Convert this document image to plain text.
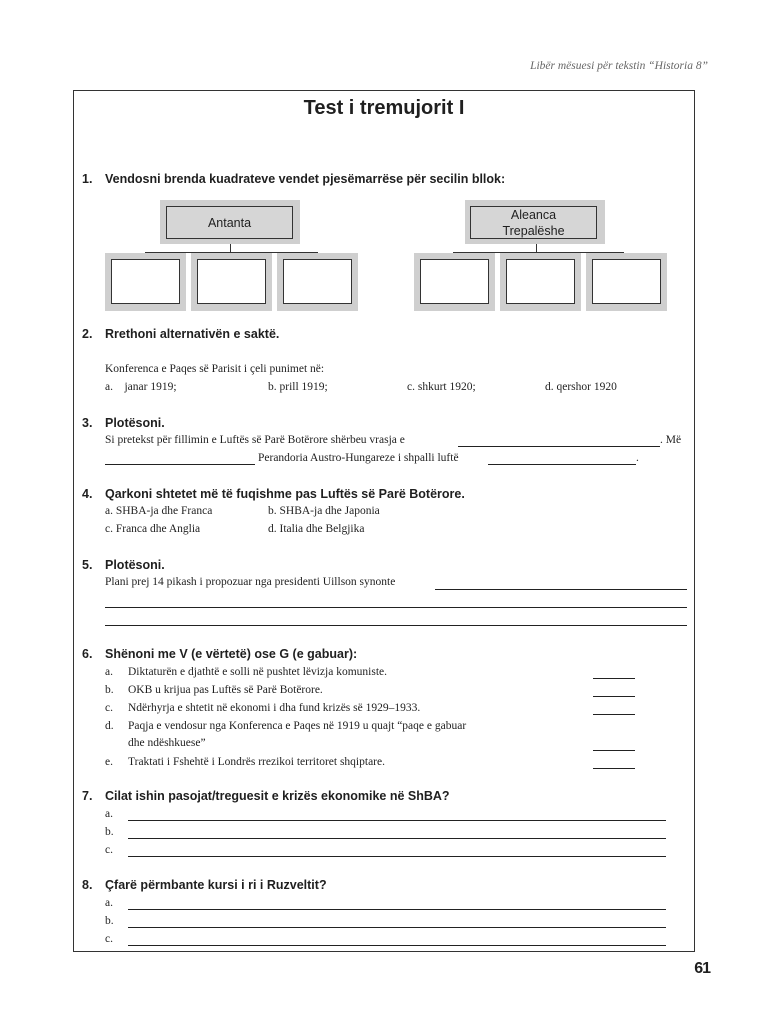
Libër mësuesi për tekstin “Historia 8”
Test i tremujorit I
1. Vendosni brenda kuadrateve vendet pjesëmarrëse për secilin bllok:
Antanta
Aleanca
Trepalëshe
2. Rrethoni alternativën e saktë.
Konferenca e Paqes së Parisit i çeli punimet në:
a.    janar 1919;	b. prill 1919;	c. shkurt 1920;	d. qershor 1920
3. Plotësoni.
Si pretekst për fillimin e Luftës së Parë Botërore shërbeu vrasja e	. Më
Perandoria Austro-Hungareze i shpalli luftë	.
4. Qarkoni shtetet më të fuqishme pas Luftës së Parë Botërore.
a. SHBA-ja dhe Franca	b. SHBA-ja dhe Japonia
c. Franca dhe Anglia	d. Italia dhe Belgjika
5. Plotësoni.
Plani prej 14 pikash i propozuar nga presidenti Uillson synonte
6. Shënoni me V (e vërtetë) ose G (e gabuar):
a. Diktaturën e djathtë e solli në pushtet lëvizja komuniste.
b. OKB u krijua pas Luftës së Parë Botërore.
c. Ndërhyrja e shtetit në ekonomi i dha fund krizës së 1929–1933.
d. Paqja e vendosur nga Konferenca e Paqes në 1919 u quajt “paqe e gabuar
dhe ndëshkuese”
e. Traktati i Fshehtë i Londrës rrezikoi territoret shqiptare.
7. Cilat ishin pasojat/treguesit e krizës ekonomike në ShBA?
a.
b.
c.
8. Çfarë përmbante kursi i ri i Ruzveltit?
a.
b.
c.
61
